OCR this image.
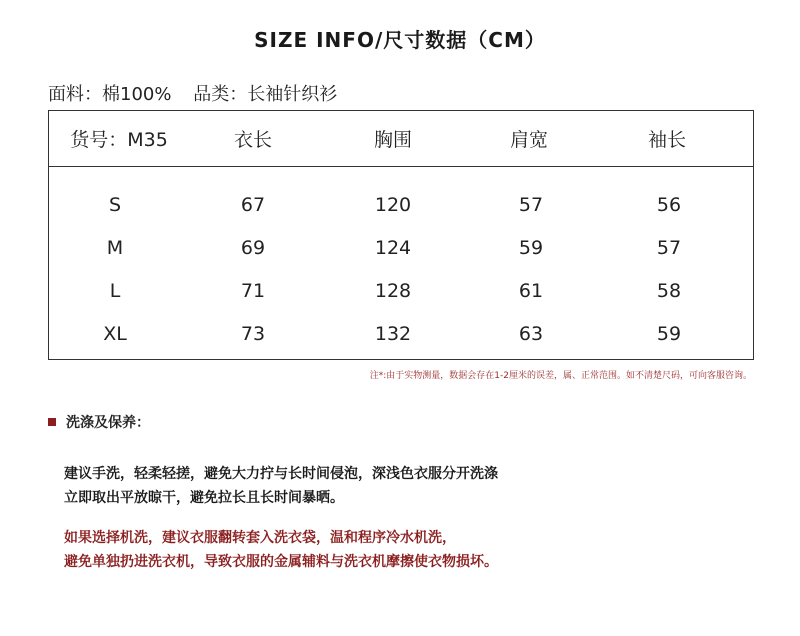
SIZE INFO/尺寸数据（CM）
面料：棉100% 品类：长袖针织衫
货号：M35	衣长	胸围	肩宽	袖长
S	67	120	57	56
M	69	124	59	57
L	71	128	61	58
XL	73	132	63	59
注*:由于实物测量，数据会存在1-2厘米的误差，属、正常范围。如不清楚尺码，可向客服咨询。
洗涤及保养：
建议手洗，轻柔轻搓，避免大力拧与长时间侵泡，深浅色衣服分开洗涤
立即取出平放晾干，避免拉长且长时间暴晒。
如果选择机洗，建议衣服翻转套入洗衣袋，温和程序冷水机洗，
避免单独扔进洗衣机，导致衣服的金属辅料与洗衣机摩擦使衣物损坏。
